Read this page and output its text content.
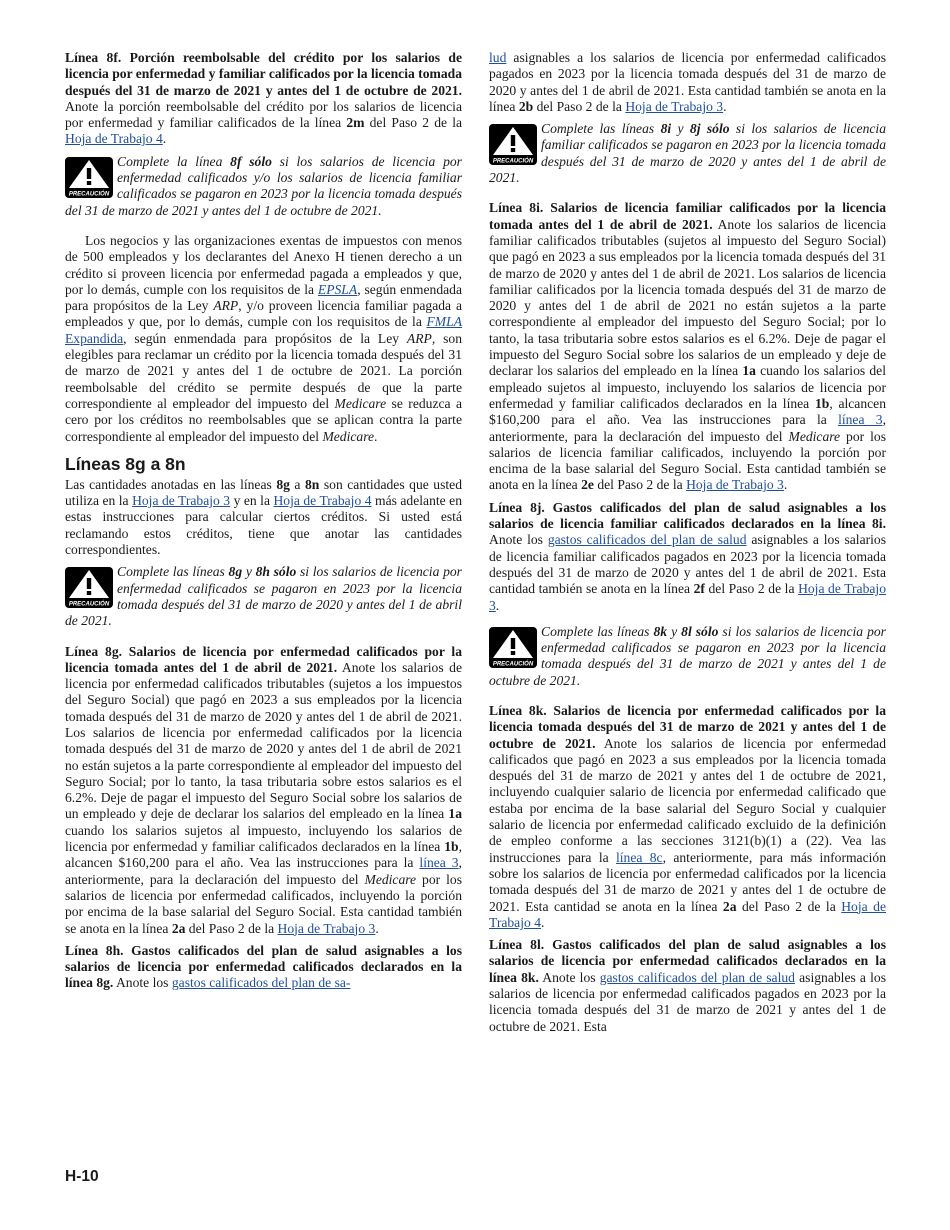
Línea 8f. Porción reembolsable del crédito por los salarios de licencia por enfermedad y familiar calificados por la licencia tomada después del 31 de marzo de 2021 y antes del 1 de octubre de 2021. Anote la porción reembolsable del crédito por los salarios de licencia por enfermedad y familiar calificados de la línea 2m del Paso 2 de la Hoja de Trabajo 4.

PRECAUCIÓN
Complete la línea 8f sólo si los salarios de licencia por enfermedad calificados y/o los salarios de licencia familiar calificados se pagaron en 2023 por la licencia tomada después del 31 de marzo de 2021 y antes del 1 de octubre de 2021.

Los negocios y las organizaciones exentas de impuestos con menos de 500 empleados y los declarantes del Anexo H tienen derecho a un crédito si proveen licencia por enfermedad pagada a empleados y que, por lo demás, cumple con los requisitos de la EPSLA, según enmendada para propósitos de la Ley ARP, y/o proveen licencia familiar pagada a empleados y que, por lo demás, cumple con los requisitos de la FMLA Expandida, según enmendada para propósitos de la Ley ARP, son elegibles para reclamar un crédito por la licencia tomada después del 31 de marzo de 2021 y antes del 1 de octubre de 2021. La porción reembolsable del crédito se permite después de que la parte correspondiente al empleador del impuesto del Medicare se reduzca a cero por los créditos no reembolsables que se aplican contra la parte correspondiente al empleador del impuesto del Medicare.

Líneas 8g a 8n

Las cantidades anotadas en las líneas 8g a 8n son cantidades que usted utiliza en la Hoja de Trabajo 3 y en la Hoja de Trabajo 4 más adelante en estas instrucciones para calcular ciertos créditos. Si usted está reclamando estos créditos, tiene que anotar las cantidades correspondientes.

PRECAUCIÓN
Complete las líneas 8g y 8h sólo si los salarios de licencia por enfermedad calificados se pagaron en 2023 por la licencia tomada después del 31 de marzo de 2020 y antes del 1 de abril de 2021.

Línea 8g. Salarios de licencia por enfermedad calificados por la licencia tomada antes del 1 de abril de 2021. Anote los salarios de licencia por enfermedad calificados tributables (sujetos a los impuestos del Seguro Social) que pagó en 2023 a sus empleados por la licencia tomada después del 31 de marzo de 2020 y antes del 1 de abril de 2021. Los salarios de licencia por enfermedad calificados por la licencia tomada después del 31 de marzo de 2020 y antes del 1 de abril de 2021 no están sujetos a la parte correspondiente al empleador del impuesto del Seguro Social; por lo tanto, la tasa tributaria sobre estos salarios es el 6.2%. Deje de pagar el impuesto del Seguro Social sobre los salarios de un empleado y deje de declarar los salarios del empleado en la línea 1a cuando los salarios sujetos al impuesto, incluyendo los salarios de licencia por enfermedad y familiar calificados declarados en la línea 1b, alcancen $160,200 para el año. Vea las instrucciones para la línea 3, anteriormente, para la declaración del impuesto del Medicare por los salarios de licencia por enfermedad calificados, incluyendo la porción por encima de la base salarial del Seguro Social. Esta cantidad también se anota en la línea 2a del Paso 2 de la Hoja de Trabajo 3.

Línea 8h. Gastos calificados del plan de salud asignables a los salarios de licencia por enfermedad calificados declarados en la línea 8g. Anote los gastos calificados del plan de sa-

lud asignables a los salarios de licencia por enfermedad calificados pagados en 2023 por la licencia tomada después del 31 de marzo de 2020 y antes del 1 de abril de 2021. Esta cantidad también se anota en la línea 2b del Paso 2 de la Hoja de Trabajo 3.

PRECAUCIÓN
Complete las líneas 8i y 8j sólo si los salarios de licencia familiar calificados se pagaron en 2023 por la licencia tomada después del 31 de marzo de 2020 y antes del 1 de abril de 2021.

Línea 8i. Salarios de licencia familiar calificados por la licencia tomada antes del 1 de abril de 2021. Anote los salarios de licencia familiar calificados tributables (sujetos al impuesto del Seguro Social) que pagó en 2023 a sus empleados por la licencia tomada después del 31 de marzo de 2020 y antes del 1 de abril de 2021. Los salarios de licencia familiar calificados por la licencia tomada después del 31 de marzo de 2020 y antes del 1 de abril de 2021 no están sujetos a la parte correspondiente al empleador del impuesto del Seguro Social; por lo tanto, la tasa tributaria sobre estos salarios es el 6.2%. Deje de pagar el impuesto del Seguro Social sobre los salarios de un empleado y deje de declarar los salarios del empleado en la línea 1a cuando los salarios del empleado sujetos al impuesto, incluyendo los salarios de licencia por enfermedad y familiar calificados declarados en la línea 1b, alcancen $160,200 para el año. Vea las instrucciones para la línea 3, anteriormente, para la declaración del impuesto del Medicare por los salarios de licencia familiar calificados, incluyendo la porción por encima de la base salarial del Seguro Social. Esta cantidad también se anota en la línea 2e del Paso 2 de la Hoja de Trabajo 3.

Línea 8j. Gastos calificados del plan de salud asignables a los salarios de licencia familiar calificados declarados en la línea 8i. Anote los gastos calificados del plan de salud asignables a los salarios de licencia familiar calificados pagados en 2023 por la licencia tomada después del 31 de marzo de 2020 y antes del 1 de abril de 2021. Esta cantidad también se anota en la línea 2f del Paso 2 de la Hoja de Trabajo 3.

PRECAUCIÓN
Complete las líneas 8k y 8l sólo si los salarios de licencia por enfermedad calificados se pagaron en 2023 por la licencia tomada después del 31 de marzo de 2021 y antes del 1 de octubre de 2021.

Línea 8k. Salarios de licencia por enfermedad calificados por la licencia tomada después del 31 de marzo de 2021 y antes del 1 de octubre de 2021. Anote los salarios de licencia por enfermedad calificados que pagó en 2023 a sus empleados por la licencia tomada después del 31 de marzo de 2021 y antes del 1 de octubre de 2021, incluyendo cualquier salario de licencia por enfermedad calificado que estaba por encima de la base salarial del Seguro Social y cualquier salario de licencia por enfermedad calificado excluido de la definición de empleo conforme a las secciones 3121(b)(1) a (22). Vea las instrucciones para la línea 8c, anteriormente, para más información sobre los salarios de licencia por enfermedad calificados por la licencia tomada después del 31 de marzo de 2021 y antes del 1 de octubre de 2021. Esta cantidad se anota en la línea 2a del Paso 2 de la Hoja de Trabajo 4.

Línea 8l. Gastos calificados del plan de salud asignables a los salarios de licencia por enfermedad calificados declarados en la línea 8k. Anote los gastos calificados del plan de salud asignables a los salarios de licencia por enfermedad calificados pagados en 2023 por la licencia tomada después del 31 de marzo de 2021 y antes del 1 de octubre de 2021. Esta

H-10
